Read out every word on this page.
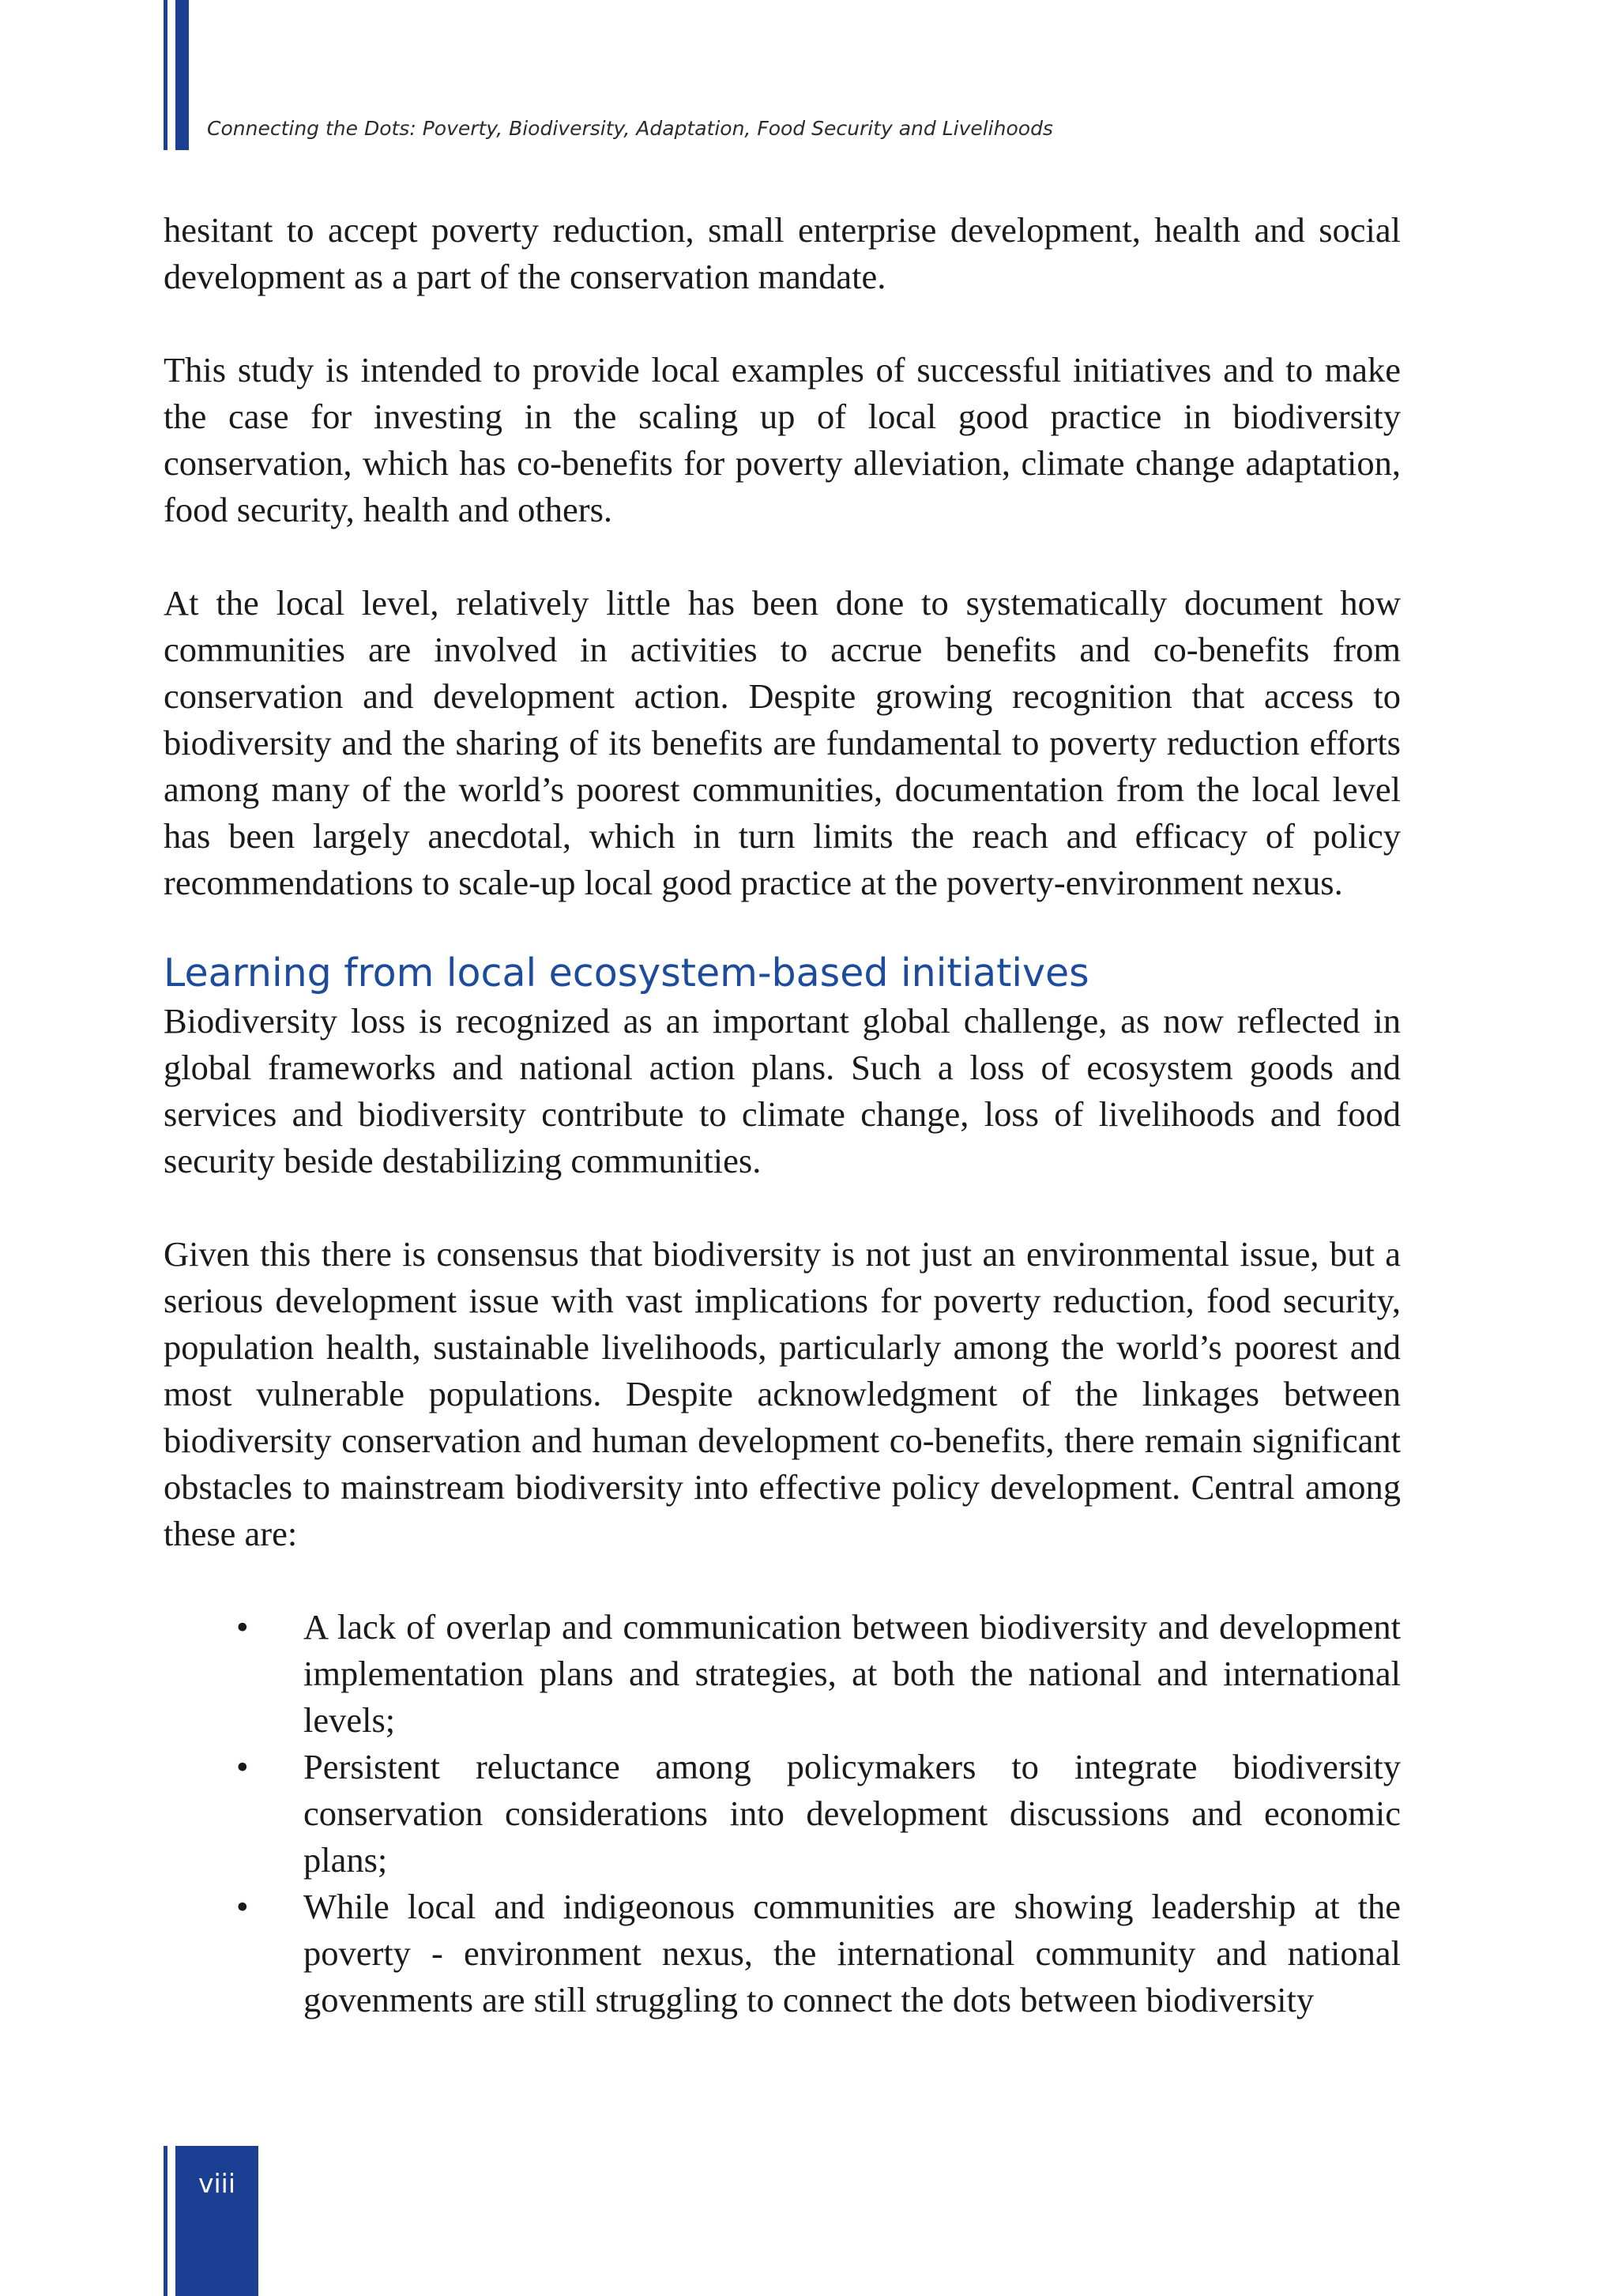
Connecting the Dots: Poverty, Biodiversity, Adaptation, Food Security and Livelihoods

hesitant to accept poverty reduction, small enterprise development, health and social development as a part of the conservation mandate.

This study is intended to provide local examples of successful initiatives and to make the case for investing in the scaling up of local good practice in biodiversity conservation, which has co-benefits for poverty alleviation, climate change adaptation, food security, health and others.

At the local level, relatively little has been done to systematically document how communities are involved in activities to accrue benefits and co-benefits from conservation and development action. Despite growing recognition that access to biodiversity and the sharing of its benefits are fundamental to poverty reduction efforts among many of the world’s poorest communities, documentation from the local level has been largely anecdotal, which in turn limits the reach and efficacy of policy recommendations to scale-up local good practice at the poverty-environment nexus.

Learning from local ecosystem-based initiatives

Biodiversity loss is recognized as an important global challenge, as now reflected in global frameworks and national action plans. Such a loss of ecosystem goods and services and biodiversity contribute to climate change, loss of livelihoods and food security beside destabilizing communities.

Given this there is consensus that biodiversity is not just an environmental issue, but a serious development issue with vast implications for poverty reduction, food security, population health, sustainable livelihoods, particularly among the world’s poorest and most vulnerable populations. Despite acknowledgment of the linkages between biodiversity conservation and human development co-benefits, there remain significant obstacles to mainstream biodiversity into effective policy development. Central among these are:

• A lack of overlap and communication between biodiversity and development implementation plans and strategies, at both the national and international levels;
• Persistent reluctance among policymakers to integrate biodiversity conservation considerations into development discussions and economic plans;
• While local and indigeonous communities are showing leadership at the poverty - environment nexus, the international community and national govenments are still struggling to connect the dots between biodiversity
viii
